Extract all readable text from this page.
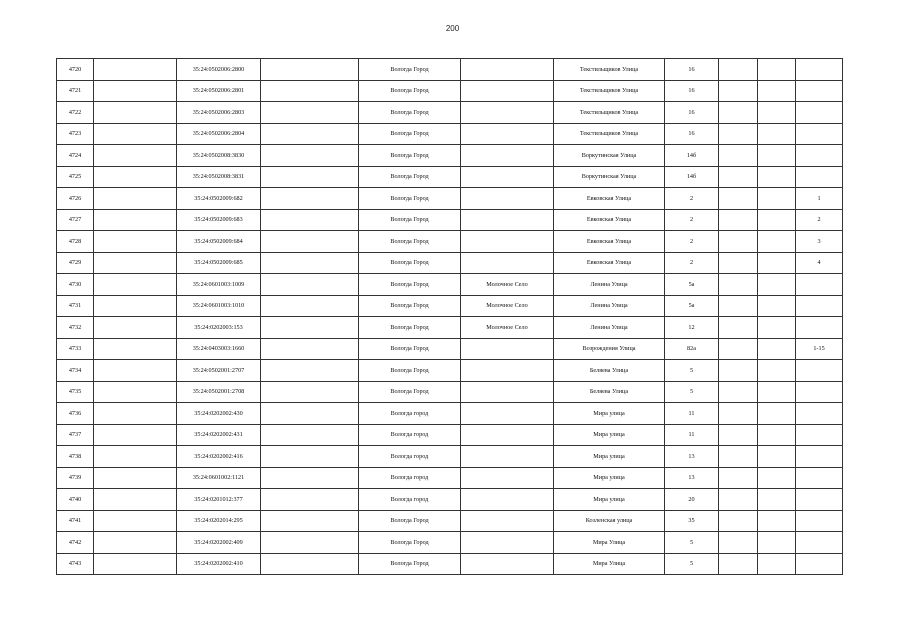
200
4720		35:24:0502006:2800		Вологда Город		Текстильщиков Улица	16			
4721		35:24:0502006:2801		Вологда Город		Текстильщиков Улица	16			
4722		35:24:0502006:2803		Вологда Город		Текстильщиков Улица	16			
4723		35:24:0502006:2804		Вологда Город		Текстильщиков Улица	16			
4724		35:24:0502008:3830		Вологда Город		Воркутинская Улица	14б			
4725		35:24:0502008:3831		Вологда Город		Воркутинская Улица	14б			
4726		35:24:0502009:682		Вологда Город		Евковская Улица	2			1
4727		35:24:0502009:683		Вологда Город		Евковская Улица	2			2
4728		35:24:0502009:684		Вологда Город		Евковская Улица	2			3
4729		35:24:0502009:685		Вологда Город		Евковская Улица	2			4
4730		35:24:0601003:1009		Вологда Город	Молочное Село	Ленина Улица	5а			
4731		35:24:0601003:1010		Вологда Город	Молочное Село	Ленина Улица	5а			
4732		35:24:0202003:153		Вологда Город	Молочное Село	Ленина Улица	12			
4733		35:24:0403003:1660		Вологда Город		Возрождения Улица	82а			1-15
4734		35:24:0502001:2707		Вологда Город		Беляева Улица	5			
4735		35:24:0502001:2708		Вологда Город		Беляева Улица	5			
4736		35:24:0202002:430		Вологда город		Мира улица	11			
4737		35:24:0202002:431		Вологда город		Мира улица	11			
4738		35:24:0202002:416		Вологда город		Мира улица	13			
4739		35:24:0601002:1121		Вологда город		Мира улица	13			
4740		35:24:0201012:377		Вологда город		Мира улица	20			
4741		35:24:0202014:295		Вологда Город		Козленская улица	35			
4742		35:24:0202002:409		Вологда Город		Мира Улица	5			
4743		35:24:0202002:410		Вологда Город		Мира Улица	5			
